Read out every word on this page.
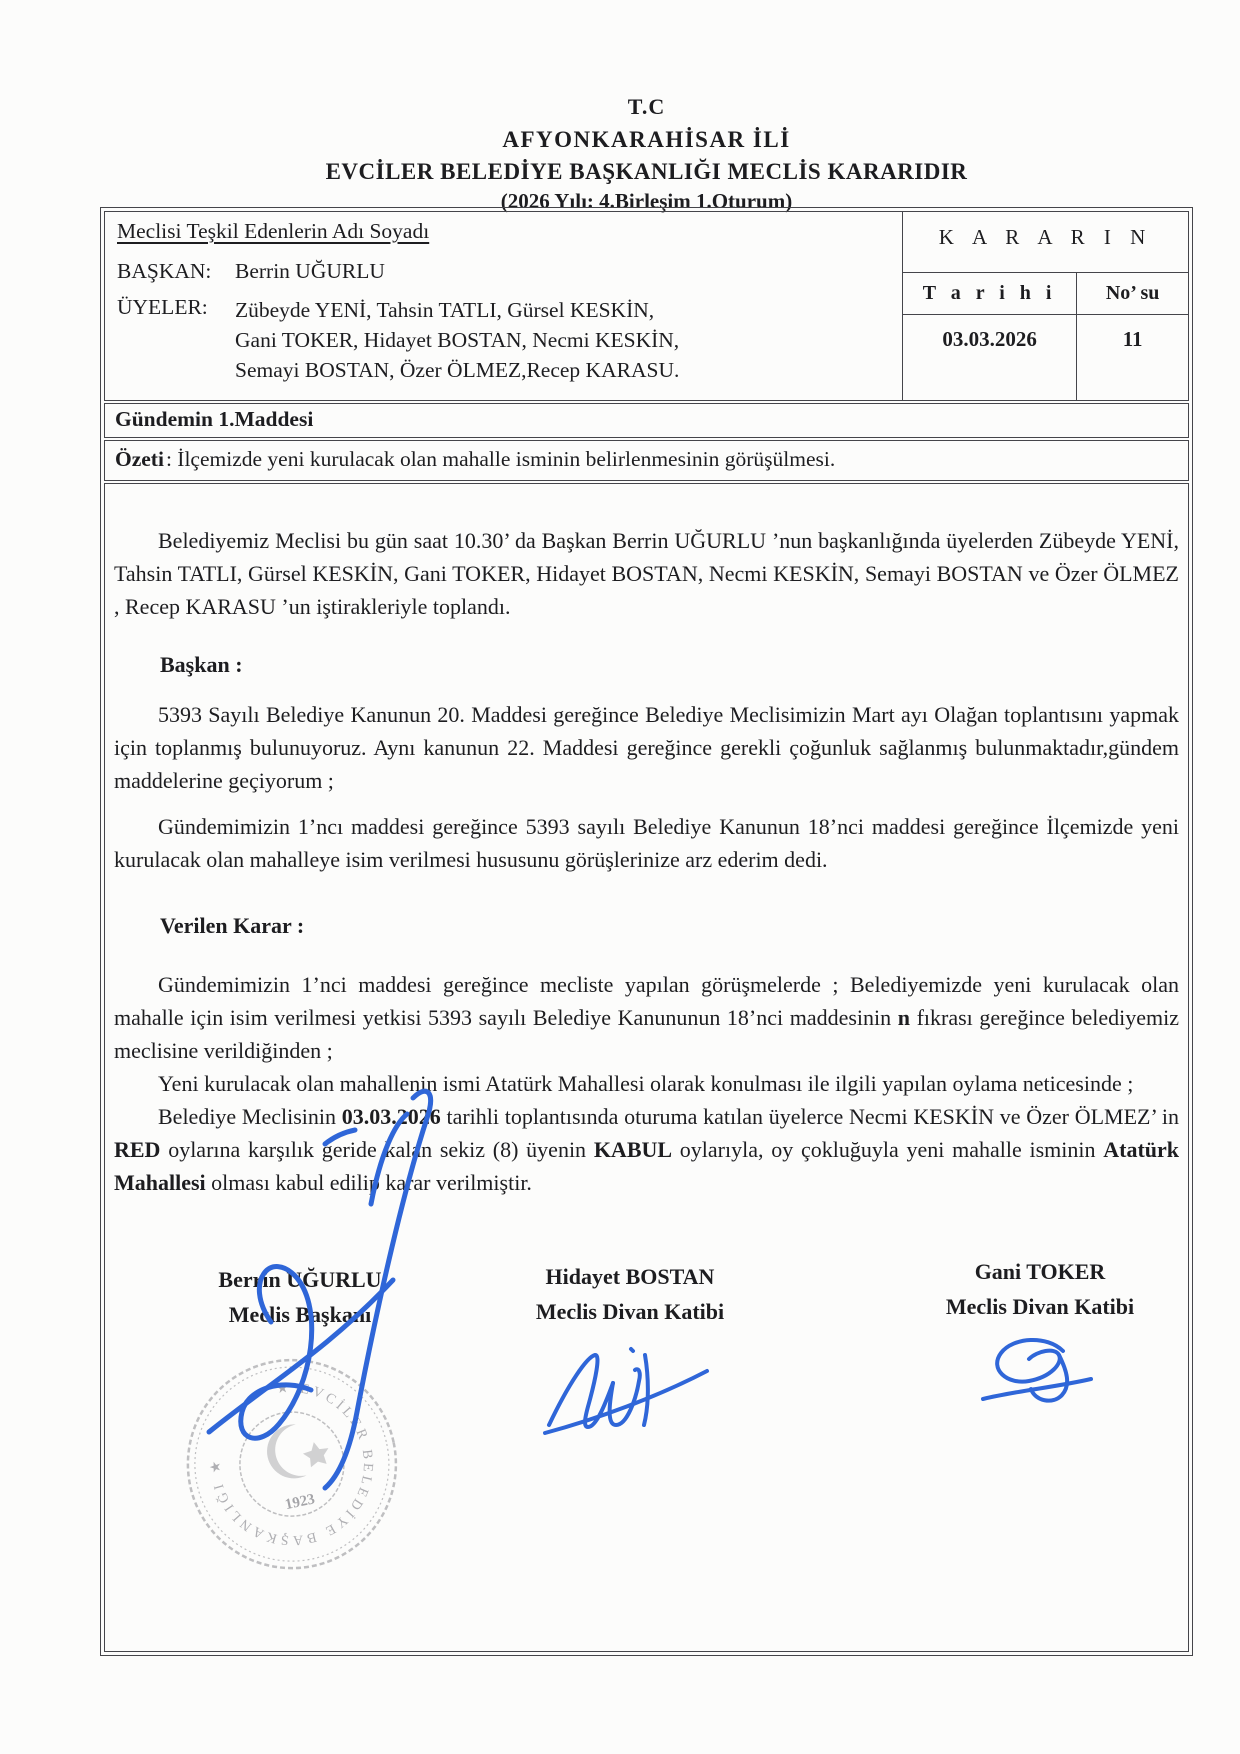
T.C
AFYONKARAHİSAR İLİ
EVCİLER BELEDİYE BAŞKANLIĞI MECLİS KARARIDIR
(2026 Yılı: 4.Birleşim 1.Oturum)
Meclisi Teşkil Edenlerin Adı Soyadı
BAŞKAN:	Berrin UĞURLU
ÜYELER:	Zübeyde YENİ, Tahsin TATLI, Gürsel KESKİN,
Gani TOKER, Hidayet BOSTAN, Necmi KESKİN,
Semayi BOSTAN, Özer ÖLMEZ,Recep KARASU.
K A R A R I N
T a r i h i	No’ su
03.03.2026	11
Gündemin 1.Maddesi
Özeti: İlçemizde yeni kurulacak olan mahalle isminin belirlenmesinin görüşülmesi.

Belediyemiz Meclisi bu gün saat 10.30’ da Başkan Berrin UĞURLU ’nun başkanlığında üyelerden Zübeyde YENİ, Tahsin TATLI, Gürsel KESKİN, Gani TOKER, Hidayet BOSTAN, Necmi KESKİN, Semayi BOSTAN ve Özer ÖLMEZ , Recep KARASU ’un iştirakleriyle toplandı.

Başkan :

5393 Sayılı Belediye Kanunun 20. Maddesi gereğince Belediye Meclisimizin Mart ayı Olağan toplantısını yapmak için toplanmış bulunuyoruz. Aynı kanunun 22. Maddesi gereğince gerekli çoğunluk sağlanmış bulunmaktadır,gündem maddelerine geçiyorum ;

Gündemimizin 1’ncı maddesi gereğince 5393 sayılı Belediye Kanunun 18’nci maddesi gereğince İlçemizde yeni kurulacak olan mahalleye isim verilmesi hususunu görüşlerinize arz ederim dedi.

Verilen Karar :

Gündemimizin 1’nci maddesi gereğince mecliste yapılan görüşmelerde ; Belediyemizde yeni kurulacak olan mahalle için isim verilmesi yetkisi 5393 sayılı Belediye Kanununun 18’nci maddesinin n fıkrası gereğince belediyemiz meclisine verildiğinden ;

Yeni kurulacak olan mahallenin ismi Atatürk Mahallesi olarak konulması ile ilgili yapılan oylama neticesinde ;

Belediye Meclisinin 03.03.2026 tarihli toplantısında oturuma katılan üyelerce Necmi KESKİN ve Özer ÖLMEZ’ in RED oylarına karşılık geride kalan sekiz (8) üyenin KABUL oylarıyla, oy çokluğuyla yeni mahalle isminin Atatürk Mahallesi olması kabul edilip karar verilmiştir.

Berrin UĞURLU
Meclis Başkanı
Hidayet BOSTAN
Meclis Divan Katibi
Gani TOKER
Meclis Divan Katibi
1923
★ EVCİLER BELEDİYE BAŞKANLIĞI ★
